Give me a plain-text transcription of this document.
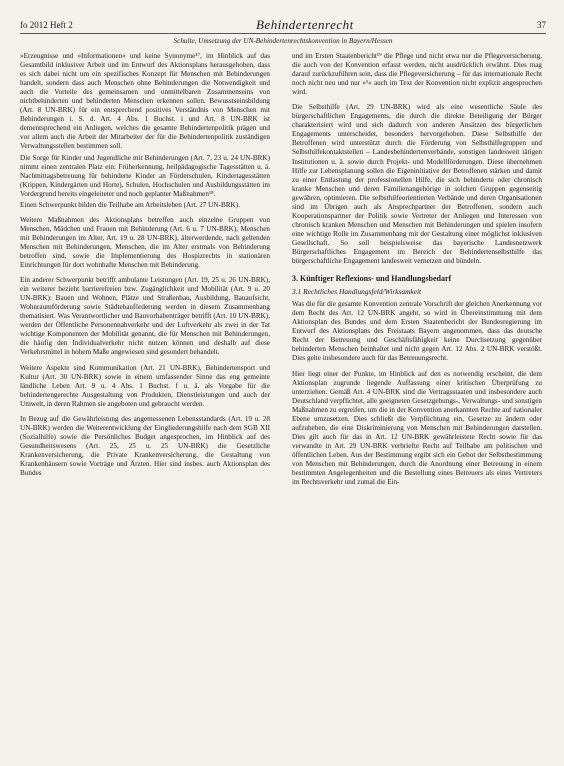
fo 2012 Heft 2	Behindertenrecht	37
Schulte, Umsetzung der UN-Behindertenrechtskonvention in Bayern/Hessen

»Erzeugnisse und »Informationen« und keine Synonyme¹⁷, im Hinblick auf das Gesamtbild inklusiver Arbeit und im Entwurf des Aktionsplans herausgehoben, dass es sich dabei nicht um ein spezifisches Konzept für Menschen mit Behinderungen handelt, sondern dass auch Menschen ohne Behinderungen die Notwendigkeit und auch die Vorteile des gemeinsamen und unmittelbaren Zusammenseins von nichtbehinderten und behinderten Menschen erkennen sollen. Bewusstseinsbildung (Art. 8 UN-BRK) für ein entsprechend positives Verständnis von Menschen mit Behinderungen i. S. d. Art. 4 Abs. 1 Buchst. i und Art. 8 UN-BRK ist dementsprechend ein Anliegen, welches die gesamte Behindertenpolitik prägen und vor allem auch die Arbeit der Mitarbeiter der für die Behindertenpolitik zuständigen Verwaltungsstellen bestimmen soll.

Die Sorge für Kinder und Jugendliche mit Behinderungen (Art. 7, 23 u. 24 UN-BRK) nimmt einen zentralen Platz ein: Früherkennung, heilpädagogische Tagesstätten u. ä. Nachmittagsbetreuung für behinderte Kinder an Förderschulen, Kindertagesstätten (Krippen, Kindergärten und Horte), Schulen, Hochschulen und Ausbildungsstätten im Vordergrund bereits eingeleiteter und noch geplanter Maßnahmen¹⁸.

Einen Schwerpunkt bilden die Teilhabe am Arbeitsleben (Art. 27 UN-BRK).

Weitere Maßnahmen des Aktionsplans betreffen auch einzelne Gruppen von Menschen, Mädchen und Frauen mit Behinderung (Art. 6 u. 7 UN-BRK), Menschen mit Behinderungen im Alter, Art. 19 u. 28 UN-BRK), älterwerdende, nach geltenden Menschen mit Behinderungen, Menschen, die im Alter erstmals von Behinderung betroffen sind, sowie die Implementierung des Hospizrechts in stationären Einrichtungen für dort wohnhafte Menschen mit Behinderung.

Ein anderer Schwerpunkt betrifft ambulante Leistungen (Art. 19, 25 u. 26 UN-BRK), ein weiterer bezieht barrierefreien bzw. Zugänglichkeit und Mobilität (Art. 9 u. 20 UN-BRK): Bauen und Wohnen, Plätze und Straßenbau, Ausbildung, Bauaufsicht, Wohnraumförderung sowie Städtebauförderung werden in diesem Zusammenhang thematisiert. Was Verantwortlicher und Bauvorhabenträger betrifft (Art. 10 UN-BRK), werden der Öffentliche Personennahverkehr und der Luftverkehr als zwei in der Tat wichtige Komponenten der Mobilität genannt, die für Menschen mit Behinderungen, die häufig den Individualverkehr nicht nutzen können und deshalb auf diese Verkehrsmittel in hohem Maße angewiesen sind gesondert behandelt.

Weitere Aspekte sind Kommunikation (Art. 21 UN-BRK), Behindertensport und Kultur (Art. 30 UN-BRK) sowie in einem umfassender Sinne das eng gemeinte ländliche Leben Art. 9 u. 4 Abs. 1 Buchst. f u. ä. als Vorgabe für die behindertengerechte Ausgestaltung von Produkten, Dienstleistungen und auch der Umwelt, in deren Rahmen sie angeboten und gebraucht werden.

In Bezug auf die Gewährleistung des angemessenen Lebensstandards (Art. 19 u. 28 UN-BRK) werden die Weiterentwicklung der Eingliederungshilfe nach dem SGB XII (Sozialhilfe) sowie die Persönliches Budget angesprochen, im Hinblick auf des Gesundheitswesens (Art. 25, 25 u. 25 UN-BRK) die Gesetzliche Krankenversicherung, die Private Krankenversicherung, die Gestaltung von Krankenhäusern sowie Vorträge und Ärzten. Hier sind insbes. auch Aktionsplan des Bundes

und im Ersten Staatenbericht¹⁹ die Pflege und nicht etwa nur die Pflegeversicherung, die auch von der Konvention erfasst werden, nicht ausdrücklich erwähnt. Dies mag darauf zurückzuführen sein, dass die Pflegeversicherung – für das internationale Recht noch nicht neu und nur »¹« auch im Text der Konvention nicht explizit angesprochen wird.

Die Selbsthilfe (Art. 29 UN-BRK) wird als eine wesentliche Säule des bürgerschaftlichen Engagements, die durch die direkte Beteiligung der Bürger charakterisiert wird und sich dadurch von anderen Ansätzen des bürgerlichen Engagements unterscheidet, besonders hervorgehoben. Diese Selbsthilfe der Betroffenen wird unterstützt durch die Förderung von Selbsthilfegruppen und Selbsthilfekontaktstellen – Landesbehindertenverbände, sonstigen landesweit tätigen Institutionen u. ä. sowie durch Projekt- und Modellförderungen. Diese übernehmen Hilfe zur Lebensplanung sollen die Eigeninitiative der Betroffenen stärken und damit zu einer Entlastung der professionellen Hilfe, die sich behinderte oder chronisch kranke Menschen und deren Familienangehörige in solchen Gruppen gegenseitig gewähren, optimieren. Die selbsthilfeorientierten Verbände und deren Organisationen sind im Übrigen auch als Ansprechpartner der Betroffenen, sondern auch Kooperationspartner der Politik sowie Vertreter der Anliegen und Interessen von chronisch kranken Menschen und Menschen mit Behinderungen und spielen insofern eine wichtige Rolle im Zusammenhang mit der Gestaltung einer möglichst inklusiven Gesellschaft. So soll beispielsweise das bayerische Landesnetzwerk Bürgerschaftliches Engagement im Bereich der Behindertenselbsthilfe das bürgerschaftliche Engagement landesweit vernetzen und bündeln.

3. Künftiger Reflexions- und Handlungsbedarf
3.1 Rechtliches Handlungsfeld/Wirksamkeit

Was die für die gesamte Konvention zentrale Vorschrift der gleichen Anerkennung vor dem Recht des Art. 12 UN-BRK angeht, so wird in Übereinstimmung mit dem Aktionsplan des Bundes und dem Ersten Staatenbericht der Bundesregierung im Entwurf des Aktionsplans des Freistaats Bayern angenommen, dass das deutsche Recht der Betreuung und Geschäftsfähigkeit keine Durchsetzung gegenüber behinderten Menschen beinhaltet und nicht gegen Art. 12 Abs. 2 UN-BRK verstößt. Dies gelte insbesondere auch für das Betreuungsrecht.

Hier liegt einer der Punkte, im Hinblick auf den es notwendig erscheint, die dem Aktionsplan zugrunde liegende Auffassung einer kritischen Überprüfung zu unterziehen. Gemäß Art. 4 UN-BRK sind die Vertragsstaaten und insbesondere auch Deutschland verpflichtet, alle geeigneten Gesetzgebungs-, Verwaltungs- und sonstigen Maßnahmen zu ergreifen, um die in der Konvention anerkannten Rechte auf nationaler Ebene umzusetzen. Dies schließt die Verpflichtung ein, Gesetze zu ändern oder aufzuheben, die eine Diskriminierung von Menschen mit Behinderungen darstellen. Dies gilt auch für das in Art. 12 UN-BRK gewährleistete Recht sowie für das verwandte in Art. 29 UN-BRK verbriefte Recht auf Teilhabe am politischen und öffentlichen Leben. Aus der Bestimmung ergibt sich ein Gebot der Selbstbestimmung von Menschen mit Behinderungen, durch die Anordnung einer Betreuung in einem bestimmten Angelegenheiten und die Bestellung eines Betreuers als eines Vertreters im Rechtsverkehr und zumal die Ein-
